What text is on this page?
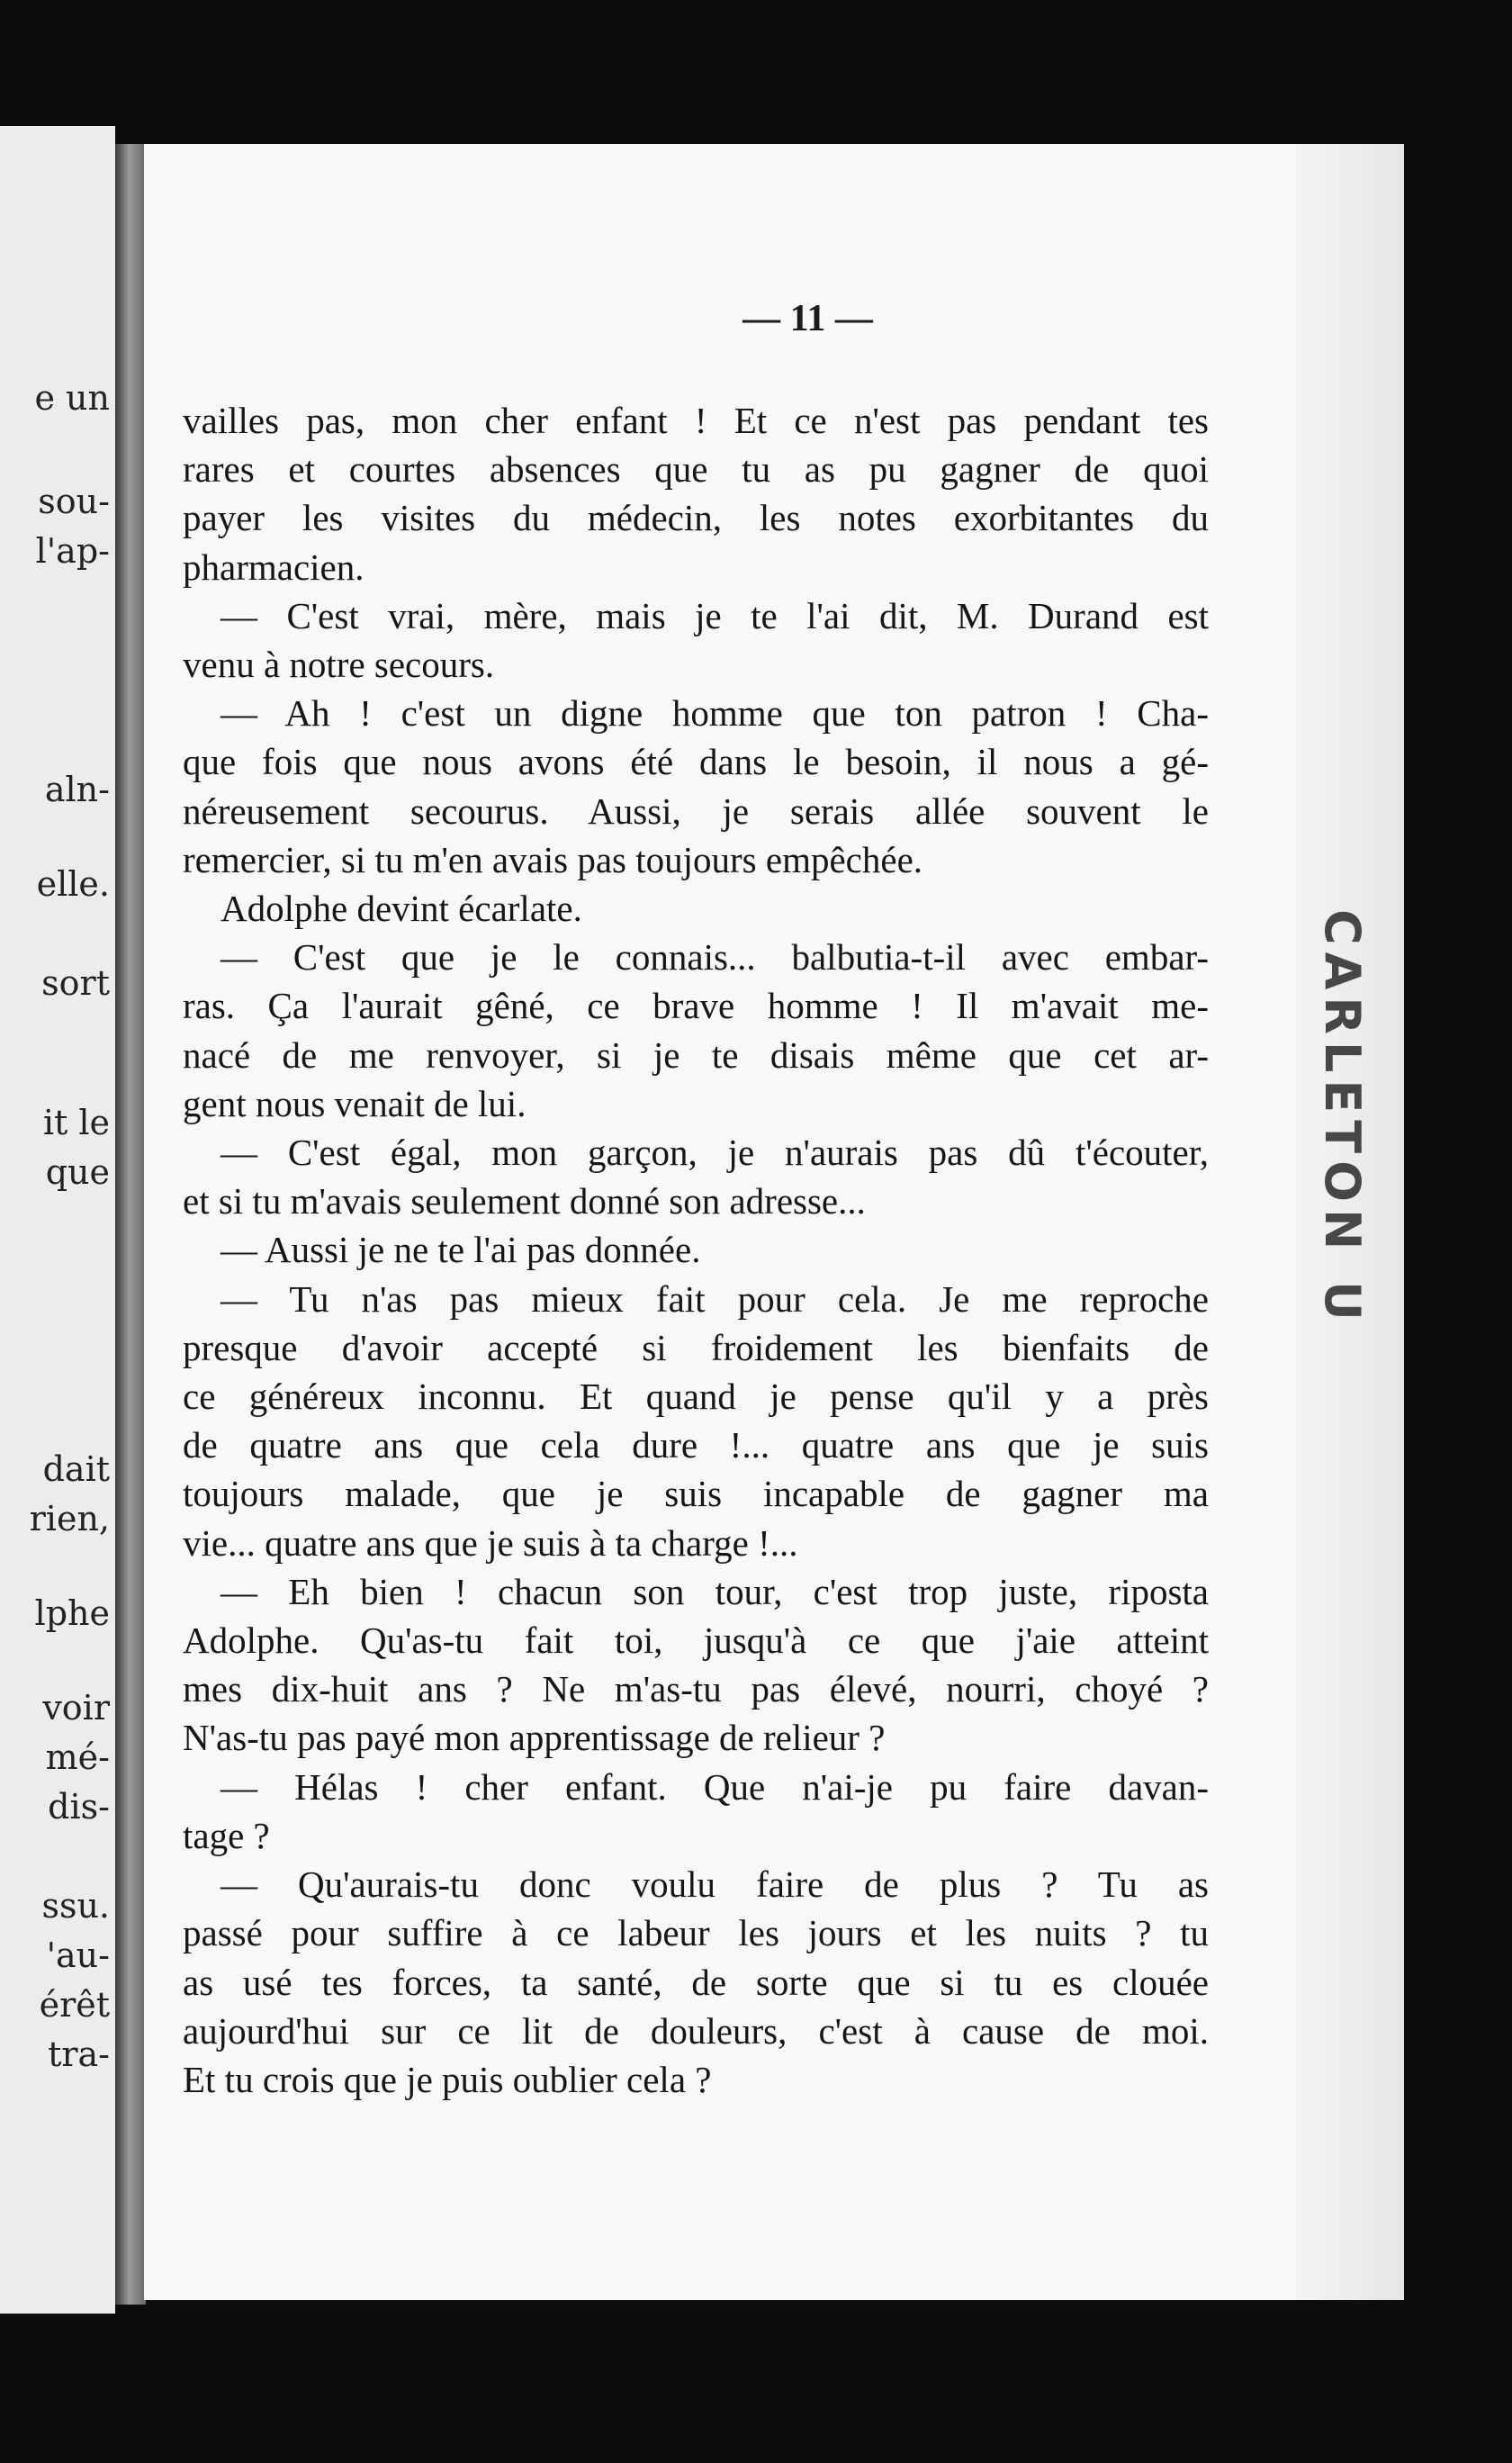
e un
sou-
l'ap-
aln-
elle.
sort
it le
que
dait
rien,
lphe
voir
mé-
dis-
ssu.
'au-
érêt
tra-
— 11 —
vailles pas, mon cher enfant ! Et ce n'est pas pendant tes
rares et courtes absences que tu as pu gagner de quoi
payer les visites du médecin, les notes exorbitantes du
pharmacien.
— C'est vrai, mère, mais je te l'ai dit, M. Durand est
venu à notre secours.
— Ah ! c'est un digne homme que ton patron ! Cha-
que fois que nous avons été dans le besoin, il nous a gé-
néreusement secourus. Aussi, je serais allée souvent le
remercier, si tu m'en avais pas toujours empêchée.
Adolphe devint écarlate.
— C'est que je le connais... balbutia-t-il avec embar-
ras. Ça l'aurait gêné, ce brave homme ! Il m'avait me-
nacé de me renvoyer, si je te disais même que cet ar-
gent nous venait de lui.
— C'est égal, mon garçon, je n'aurais pas dû t'écouter,
et si tu m'avais seulement donné son adresse...
— Aussi je ne te l'ai pas donnée.
— Tu n'as pas mieux fait pour cela. Je me reproche
presque d'avoir accepté si froidement les bienfaits de
ce généreux inconnu. Et quand je pense qu'il y a près
de quatre ans que cela dure !... quatre ans que je suis
toujours malade, que je suis incapable de gagner ma
vie... quatre ans que je suis à ta charge !...
— Eh bien ! chacun son tour, c'est trop juste, riposta
Adolphe. Qu'as-tu fait toi, jusqu'à ce que j'aie atteint
mes dix-huit ans ? Ne m'as-tu pas élevé, nourri, choyé ?
N'as-tu pas payé mon apprentissage de relieur ?
— Hélas ! cher enfant. Que n'ai-je pu faire davan-
tage ?
— Qu'aurais-tu donc voulu faire de plus ? Tu as
passé pour suffire à ce labeur les jours et les nuits ? tu
as usé tes forces, ta santé, de sorte que si tu es clouée
aujourd'hui sur ce lit de douleurs, c'est à cause de moi.
Et tu crois que je puis oublier cela ?
CARLETON U
